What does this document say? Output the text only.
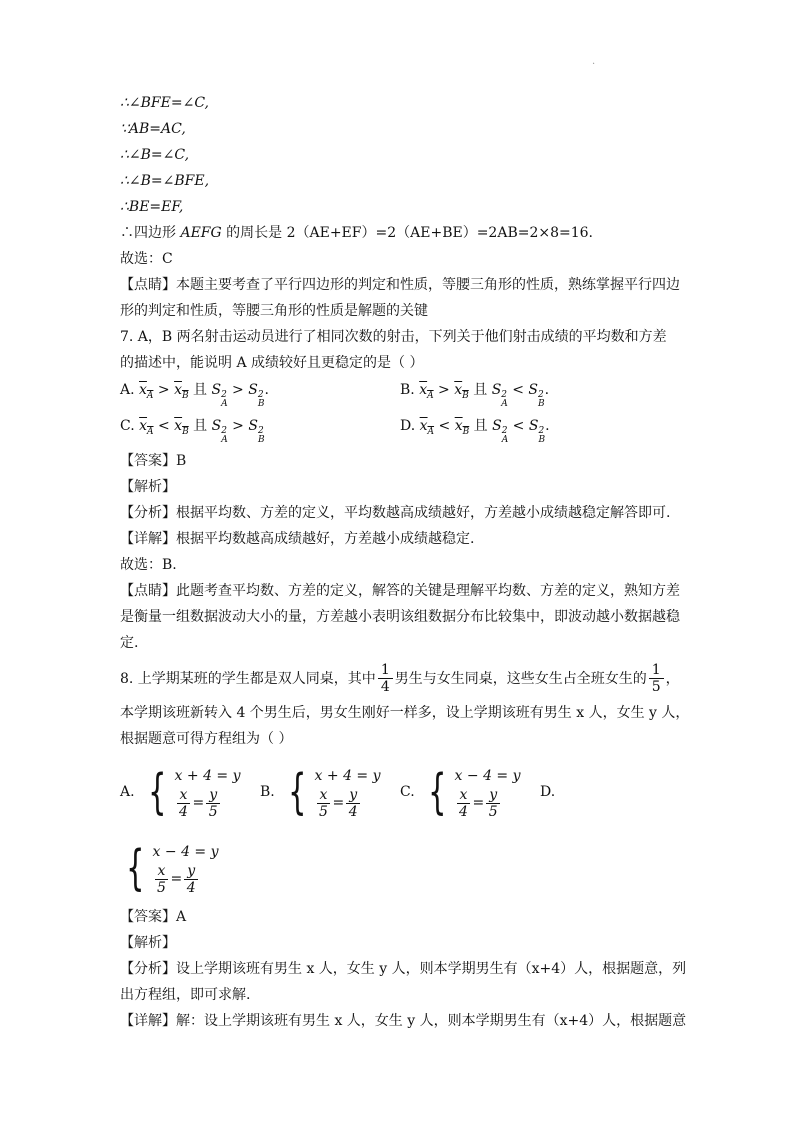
.
∴∠BFE=∠C,
∵AB=AC,
∴∠B=∠C,
∴∠B=∠BFE,
∴BE=EF,
∴四边形 AEFG 的周长是 2（AE+EF）=2（AE+BE）=2AB=2×8=16.
故选：C
【点睛】本题主要考查了平行四边形的判定和性质，等腰三角形的性质，熟练掌握平行四边形的判定和性质，等腰三角形的性质是解题的关键
7. A，B 两名射击运动员进行了相同次数的射击，下列关于他们射击成绩的平均数和方差
的描述中，能说明 A 成绩较好且更稳定的是（ ）
A. $x_A > x_B$ 且 S 2
A
> S 2
B
.	B. $x_A > x_B$ 且 S 2
A
< S 2
B
.
C. $x_A < x_B$ 且 S 2
A
> S 2
B
D. $x_A < x_B$ 且 S 2
A
< S 2
B
.
【答案】B
【解析】
【分析】根据平均数、方差的定义，平均数越高成绩越好，方差越小成绩越稳定解答即可.
【详解】根据平均数越高成绩越好，方差越小成绩越稳定.
故选：B.
【点睛】此题考查平均数、方差的定义，解答的关键是理解平均数、方差的定义，熟知方差是衡量一组数据波动大小的量，方差越小表明该组数据分布比较集中，即波动越小数据越稳定.
8. 上学期某班的学生都是双人同桌，其中 $\frac{1}{4}$ 男生与女生同桌，这些女生占全班女生的 $\frac{1}{5}$ ，
本学期该班新转入 4 个男生后，男女生刚好一样多，设上学期该班有男生 x 人，女生 y 人，
根据题意可得方程组为（ ）
A. { x + 4 = y
$\frac{x}{4} = \frac{y}{5}$	B. { x + 4 = y
$\frac{x}{5} = \frac{y}{4}$	C. { x − 4 = y
$\frac{x}{4} = \frac{y}{5}$	D.
{ x − 4 = y
$\frac{x}{5} = \frac{y}{4}$
【答案】A
【解析】
【分析】设上学期该班有男生 x 人，女生 y 人，则本学期男生有（x+4）人，根据题意，列
出方程组，即可求解.
【详解】解：设上学期该班有男生 x 人，女生 y 人，则本学期男生有（x+4）人，根据题意
